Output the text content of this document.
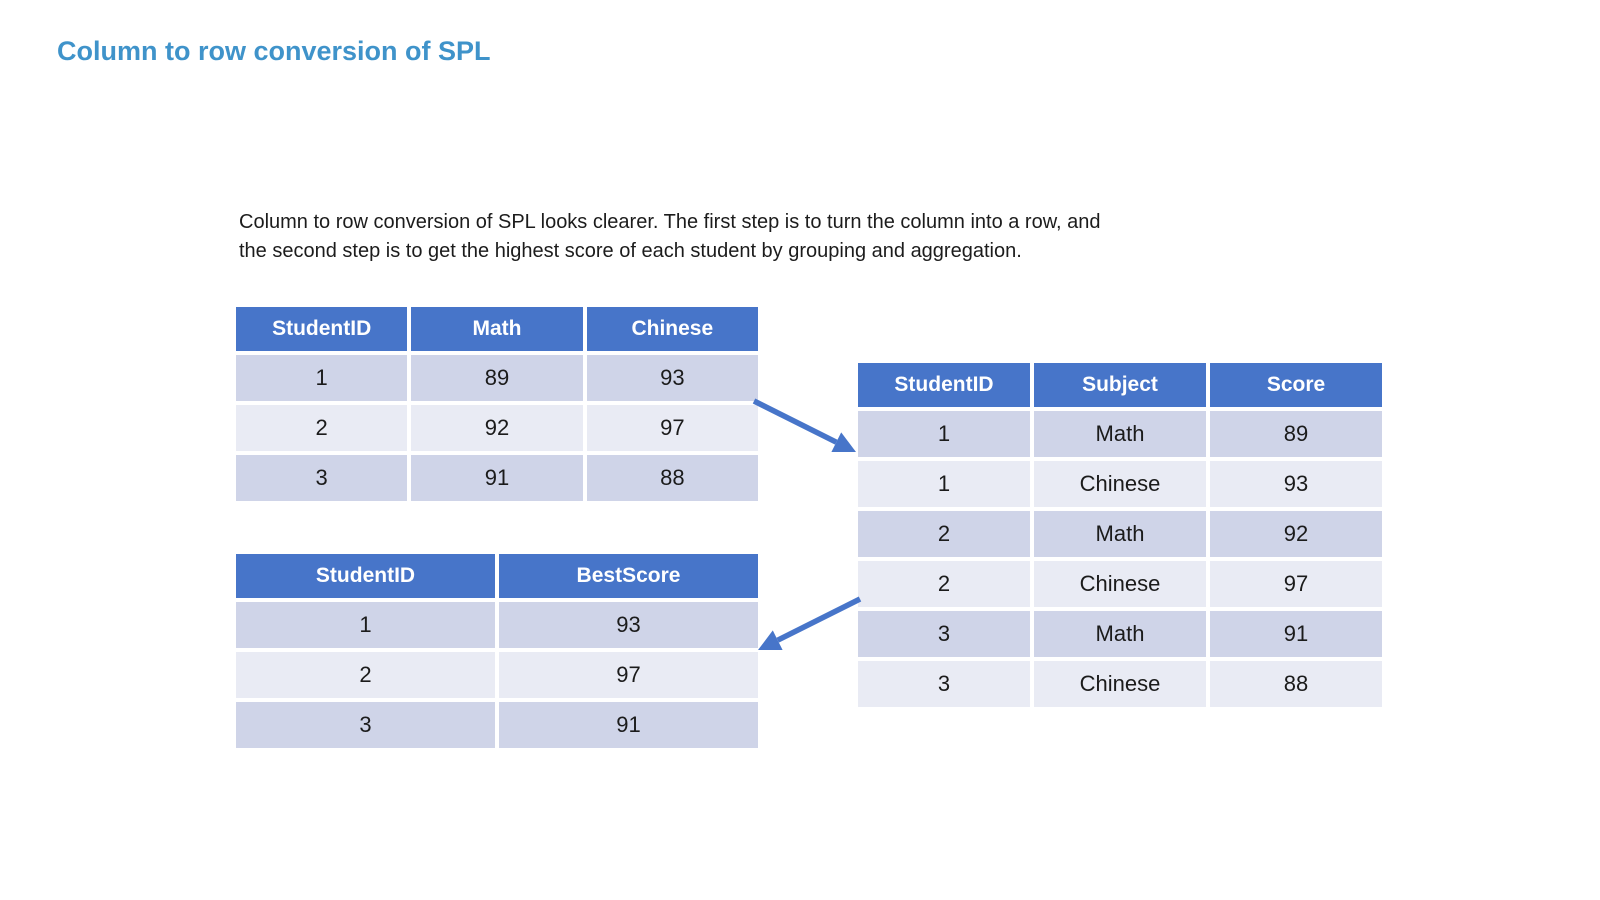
Column to row conversion of SPL
Column to row conversion of SPL looks clearer. The first step is to turn the column into a row, and
the second step is to get the highest score of each student by grouping and aggregation.
StudentID	Math	Chinese
1	89	93
2	92	97
3	91	88
StudentID	Subject	Score
1	Math	89
1	Chinese	93
2	Math	92
2	Chinese	97
3	Math	91
3	Chinese	88
StudentID	BestScore
1	93
2	97
3	91
